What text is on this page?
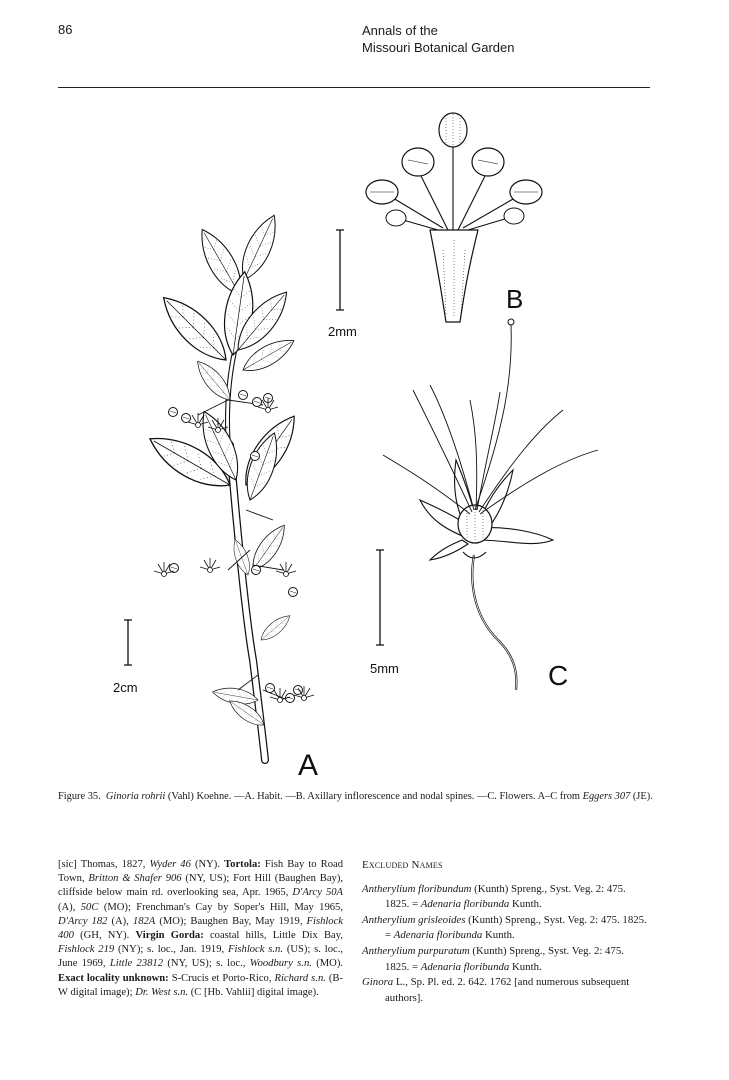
86	Annals of the
Missouri Botanical Garden
2cm
A
2mm
B
5mm	C
Figure 35. Ginoria rohrii (Vahl) Koehne. —A. Habit. —B. Axillary inflorescence and nodal spines. —C. Flowers. A–C from Eggers 307 (JE).
[sic] Thomas, 1827, Wyder 46 (NY). Tortola: Fish Bay to Road Town, Britton & Shafer 906 (NY, US); Fort Hill (Baughen Bay), cliffside below main rd. overlooking sea, Apr. 1965, D'Arcy 50A (A), 50C (MO); Frenchman's Cay by Soper's Hill, May 1965, D'Arcy 182 (A), 182A (MO); Baughen Bay, May 1919, Fishlock 400 (GH, NY). Virgin Gorda: coastal hills, Little Dix Bay, Fishlock 219 (NY); s. loc., Jan. 1919, Fishlock s.n. (US); s. loc., June 1969, Little 23812 (NY, US); s. loc., Woodbury s.n. (MO). Exact locality unknown: S-Crucis et Porto-Rico, Richard s.n. (B-W digital image); Dr. West s.n. (C [Hb. Vahlii] digital image).
Excluded Names

Antherylium floribundum (Kunth) Spreng., Syst. Veg. 2: 475. 1825. = Adenaria floribunda Kunth.

Antherylium grisleoides (Kunth) Spreng., Syst. Veg. 2: 475. 1825. = Adenaria floribunda Kunth.

Antherylium purpuratum (Kunth) Spreng., Syst. Veg. 2: 475. 1825. = Adenaria floribunda Kunth.

Ginora L., Sp. Pl. ed. 2. 642. 1762 [and numerous subsequent authors].
